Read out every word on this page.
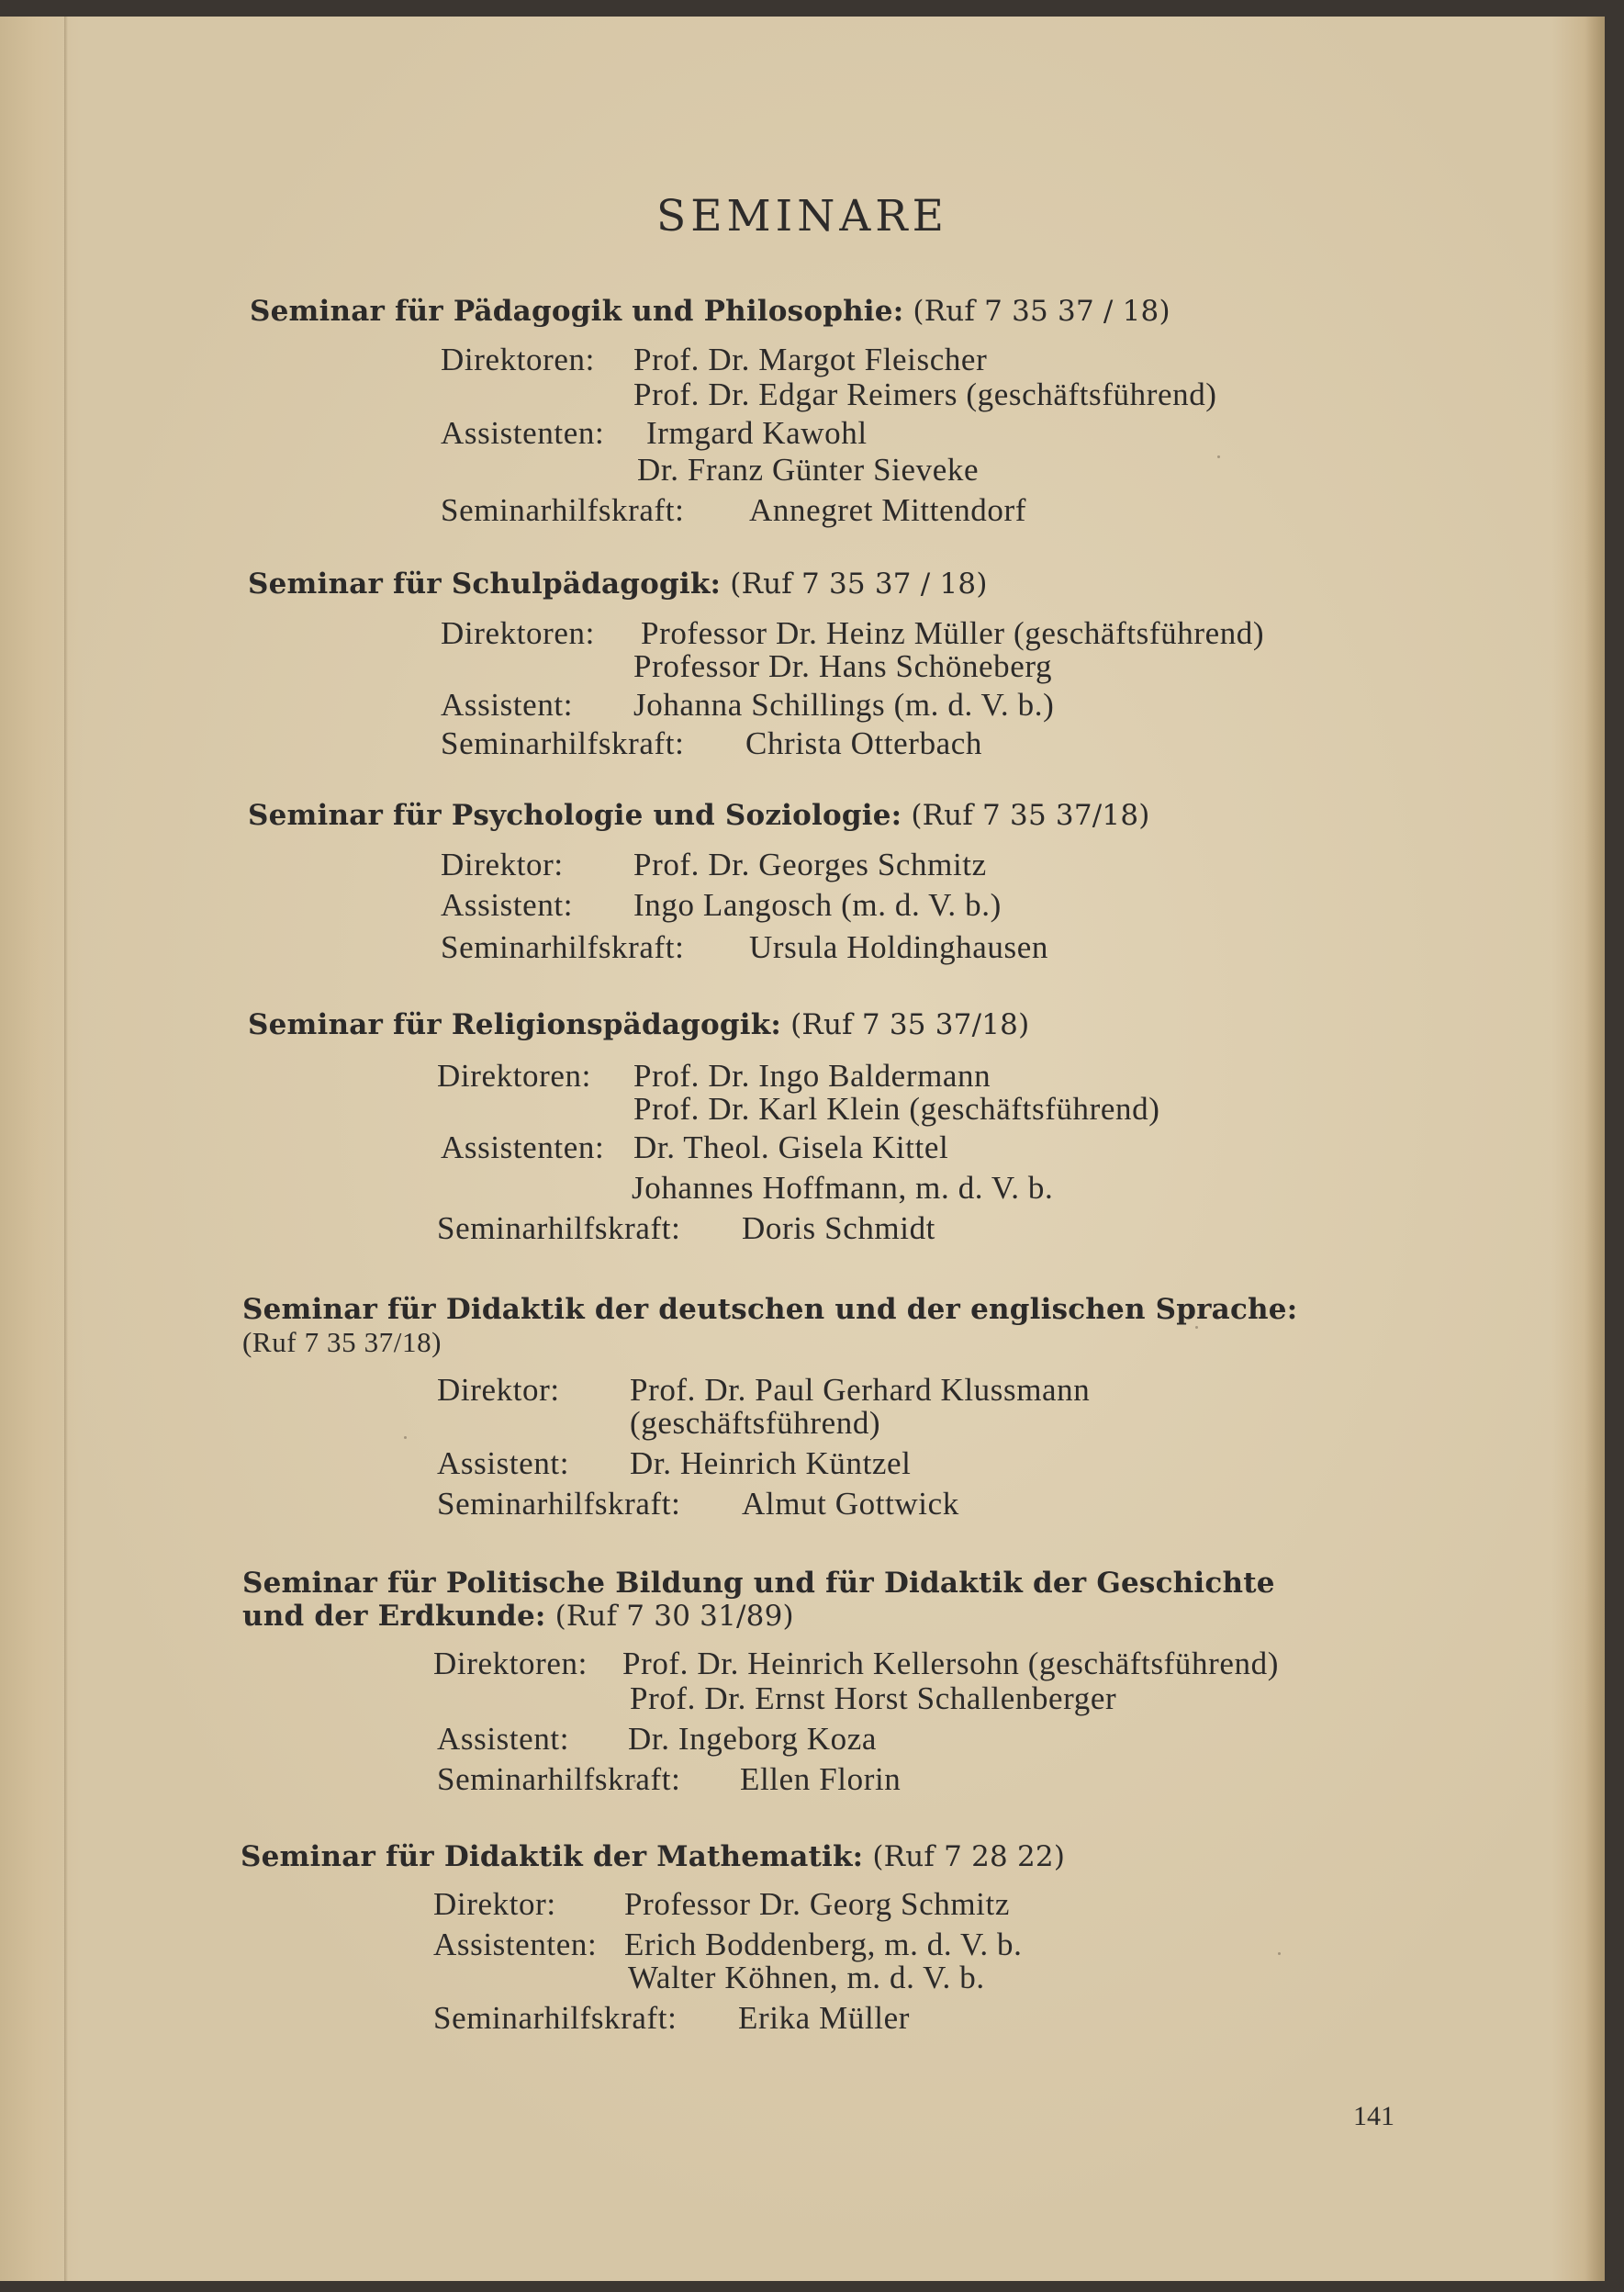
SEMINARE
Seminar für Pädagogik und Philosophie: (Ruf 7 35 37 / 18)
Direktoren: Prof. Dr. Margot Fleischer
Prof. Dr. Edgar Reimers (geschäftsführend)
Assistenten: Irmgard Kawohl
Dr. Franz Günter Sieveke
Seminarhilfskraft: Annegret Mittendorf
Seminar für Schulpädagogik: (Ruf 7 35 37 / 18)
Direktoren: Professor Dr. Heinz Müller (geschäftsführend)
Professor Dr. Hans Schöneberg
Assistent: Johanna Schillings (m. d. V. b.)
Seminarhilfskraft: Christa Otterbach
Seminar für Psychologie und Soziologie: (Ruf 7 35 37/18)
Direktor: Prof. Dr. Georges Schmitz
Assistent: Ingo Langosch (m. d. V. b.)
Seminarhilfskraft: Ursula Holdinghausen
Seminar für Religionspädagogik: (Ruf 7 35 37/18)
Direktoren: Prof. Dr. Ingo Baldermann
Prof. Dr. Karl Klein (geschäftsführend)
Assistenten: Dr. Theol. Gisela Kittel
Johannes Hoffmann, m. d. V. b.
Seminarhilfskraft: Doris Schmidt
Seminar für Didaktik der deutschen und der englischen Sprache:
(Ruf 7 35 37/18)
Direktor: Prof. Dr. Paul Gerhard Klussmann
(geschäftsführend)
Assistent: Dr. Heinrich Küntzel
Seminarhilfskraft: Almut Gottwick
Seminar für Politische Bildung und für Didaktik der Geschichte
und der Erdkunde: (Ruf 7 30 31/89)
Direktoren: Prof. Dr. Heinrich Kellersohn (geschäftsführend)
Prof. Dr. Ernst Horst Schallenberger
Assistent: Dr. Ingeborg Koza
Seminarhilfskraft: Ellen Florin
Seminar für Didaktik der Mathematik: (Ruf 7 28 22)
Direktor: Professor Dr. Georg Schmitz
Assistenten: Erich Boddenberg, m. d. V. b.
Walter Köhnen, m. d. V. b.
Seminarhilfskraft: Erika Müller
141
